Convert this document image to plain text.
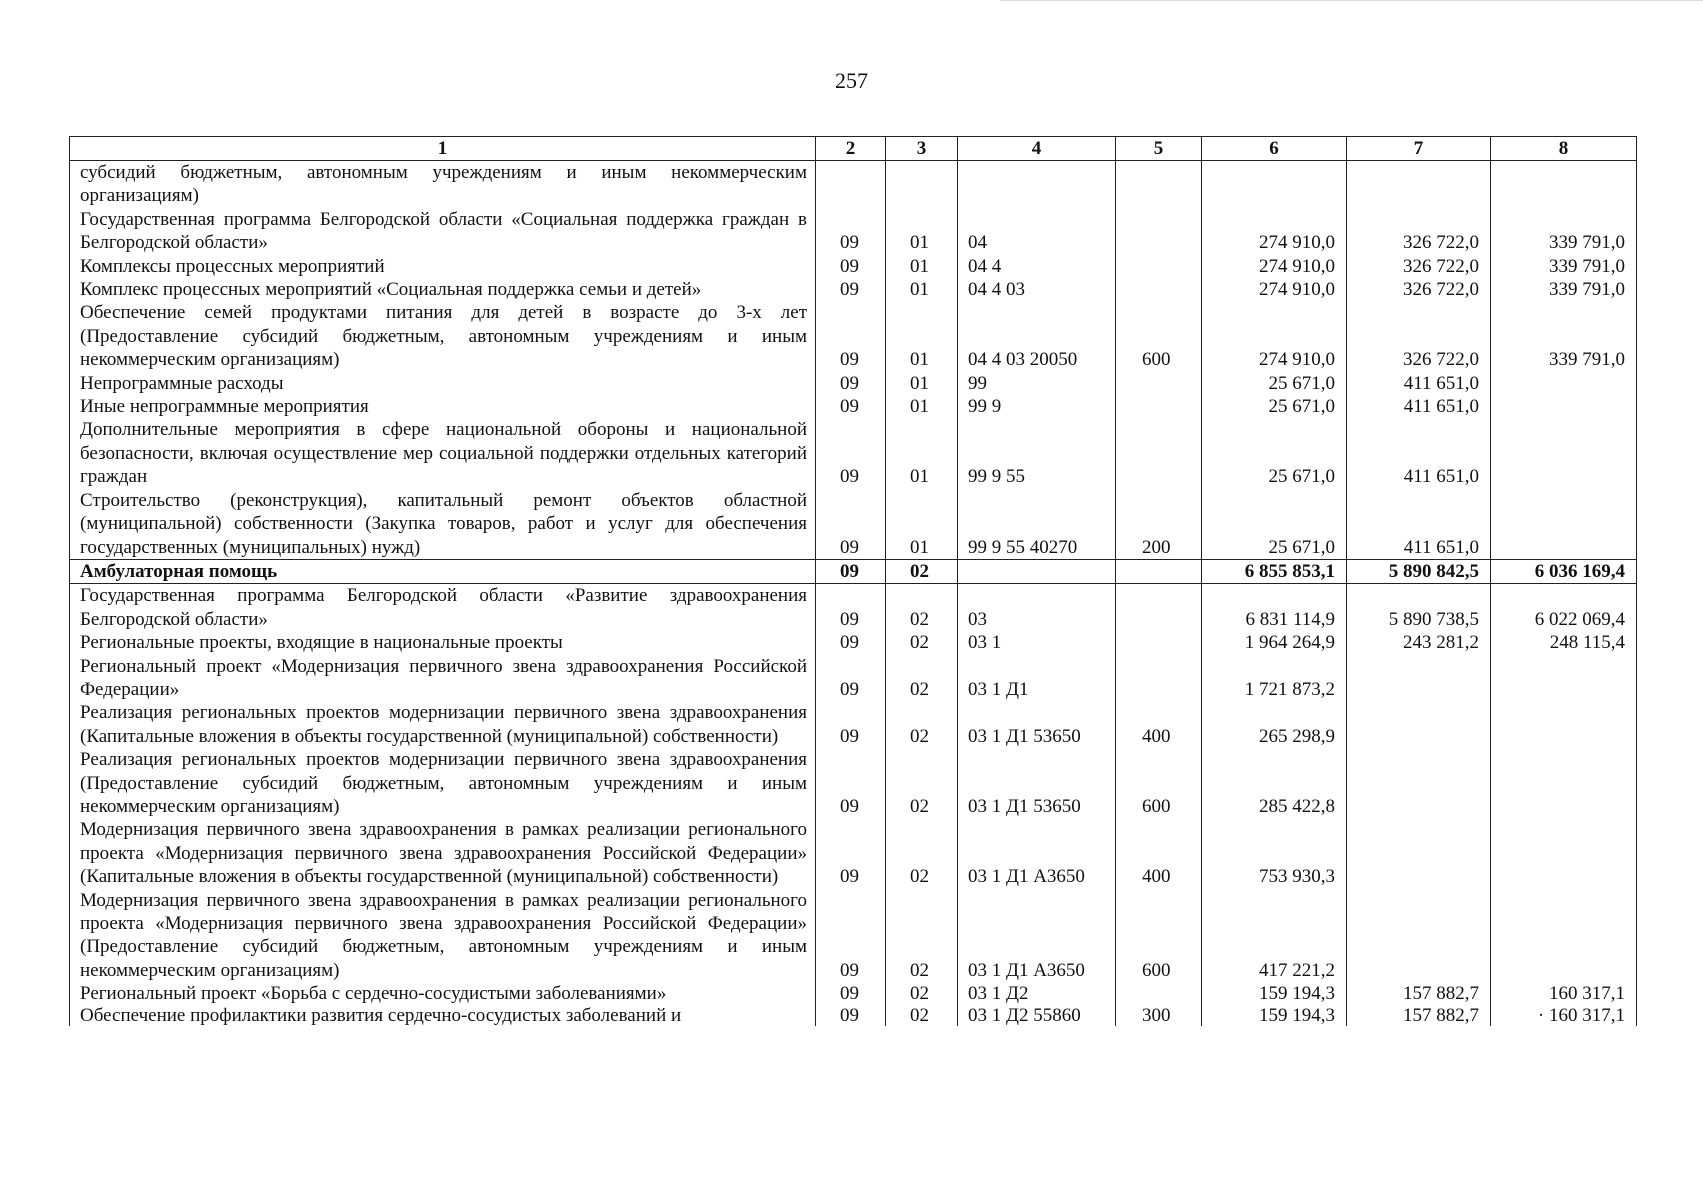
257
1	2	3	4	5	6	7	8
субсидий бюджетным, автономным учреждениям и иным некоммерческим организациям)							
Государственная программа Белгородской области «Социальная поддержка граждан в Белгородской области»	09	01	04		274 910,0	326 722,0	339 791,0
Комплексы процессных мероприятий	09	01	04 4		274 910,0	326 722,0	339 791,0
Комплекс процессных мероприятий «Социальная поддержка семьи и детей»	09	01	04 4 03		274 910,0	326 722,0	339 791,0
Обеспечение семей продуктами питания для детей в возрасте до 3-х лет (Предоставление субсидий бюджетным, автономным учреждениям и иным некоммерческим организациям)	09	01	04 4 03 20050	600	274 910,0	326 722,0	339 791,0
Непрограммные расходы	09	01	99		25 671,0	411 651,0	
Иные непрограммные мероприятия	09	01	99 9		25 671,0	411 651,0	
Дополнительные мероприятия в сфере национальной обороны и национальной безопасности, включая осуществление мер социальной поддержки отдельных категорий граждан	09	01	99 9 55		25 671,0	411 651,0	
Строительство (реконструкция), капитальный ремонт объектов областной (муниципальной) собственности (Закупка товаров, работ и услуг для обеспечения государственных (муниципальных) нужд)	09	01	99 9 55 40270	200	25 671,0	411 651,0	
Амбулаторная помощь	09	02			6 855 853,1	5 890 842,5	6 036 169,4
Государственная программа Белгородской области «Развитие здравоохранения Белгородской области»	09	02	03		6 831 114,9	5 890 738,5	6 022 069,4
Региональные проекты, входящие в национальные проекты	09	02	03 1		1 964 264,9	243 281,2	248 115,4
Региональный проект «Модернизация первичного звена здравоохранения Российской Федерации»	09	02	03 1 Д1		1 721 873,2		
Реализация региональных проектов модернизации первичного звена здравоохранения (Капитальные вложения в объекты государственной (муниципальной) собственности)	09	02	03 1 Д1 53650	400	265 298,9		
Реализация региональных проектов модернизации первичного звена здравоохранения (Предоставление субсидий бюджетным, автономным учреждениям и иным некоммерческим организациям)	09	02	03 1 Д1 53650	600	285 422,8		
Модернизация первичного звена здравоохранения в рамках реализации регионального проекта «Модернизация первичного звена здравоохранения Российской Федерации» (Капитальные вложения в объекты государственной (муниципальной) собственности)	09	02	03 1 Д1 А3650	400	753 930,3		
Модернизация первичного звена здравоохранения в рамках реализации регионального проекта «Модернизация первичного звена здравоохранения Российской Федерации» (Предоставление субсидий бюджетным, автономным учреждениям и иным некоммерческим организациям)	09	02	03 1 Д1 А3650	600	417 221,2		
Региональный проект «Борьба с сердечно-сосудистыми заболеваниями»	09	02	03 1 Д2		159 194,3	157 882,7	160 317,1
Обеспечение профилактики развития сердечно-сосудистых заболеваний и	09	02	03 1 Д2 55860	300	159 194,3	157 882,7	· 160 317,1
